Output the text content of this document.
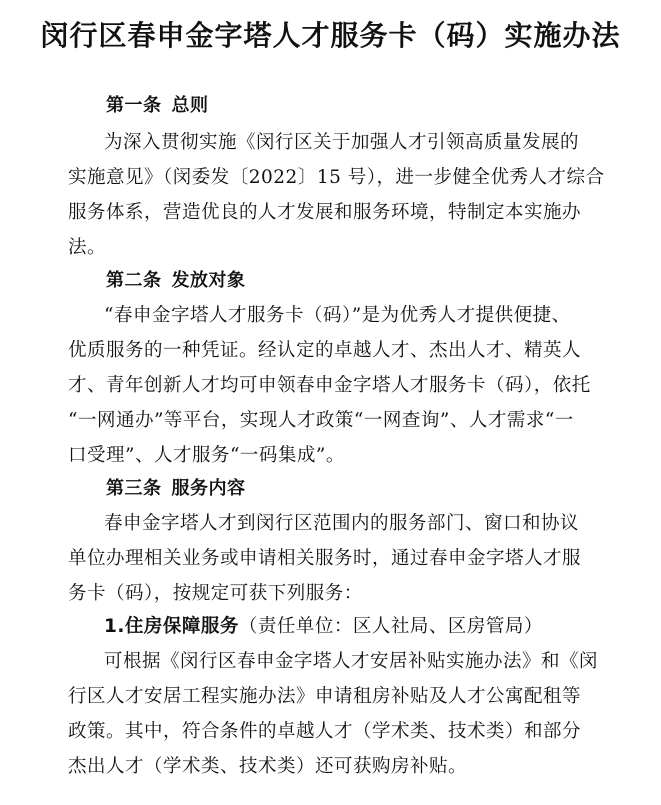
闵行区春申金字塔人才服务卡（码）实施办法
第一条 总则
为深入贯彻实施《闵行区关于加强人才引领高质量发展的
实施意见》（闵委发〔2022〕15 号），进一步健全优秀人才综合
服务体系，营造优良的人才发展和服务环境，特制定本实施办
法。
第二条 发放对象
“春申金字塔人才服务卡（码）”是为优秀人才提供便捷、
优质服务的一种凭证。经认定的卓越人才、杰出人才、精英人
才、青年创新人才均可申领春申金字塔人才服务卡（码），依托
“一网通办”等平台，实现人才政策“一网查询”、人才需求“一
口受理”、人才服务“一码集成”。
第三条 服务内容
春申金字塔人才到闵行区范围内的服务部门、窗口和协议
单位办理相关业务或申请相关服务时，通过春申金字塔人才服
务卡（码），按规定可获下列服务：
1.住房保障服务（责任单位：区人社局、区房管局）
可根据《闵行区春申金字塔人才安居补贴实施办法》和《闵
行区人才安居工程实施办法》申请租房补贴及人才公寓配租等
政策。其中，符合条件的卓越人才（学术类、技术类）和部分
杰出人才（学术类、技术类）还可获购房补贴。
